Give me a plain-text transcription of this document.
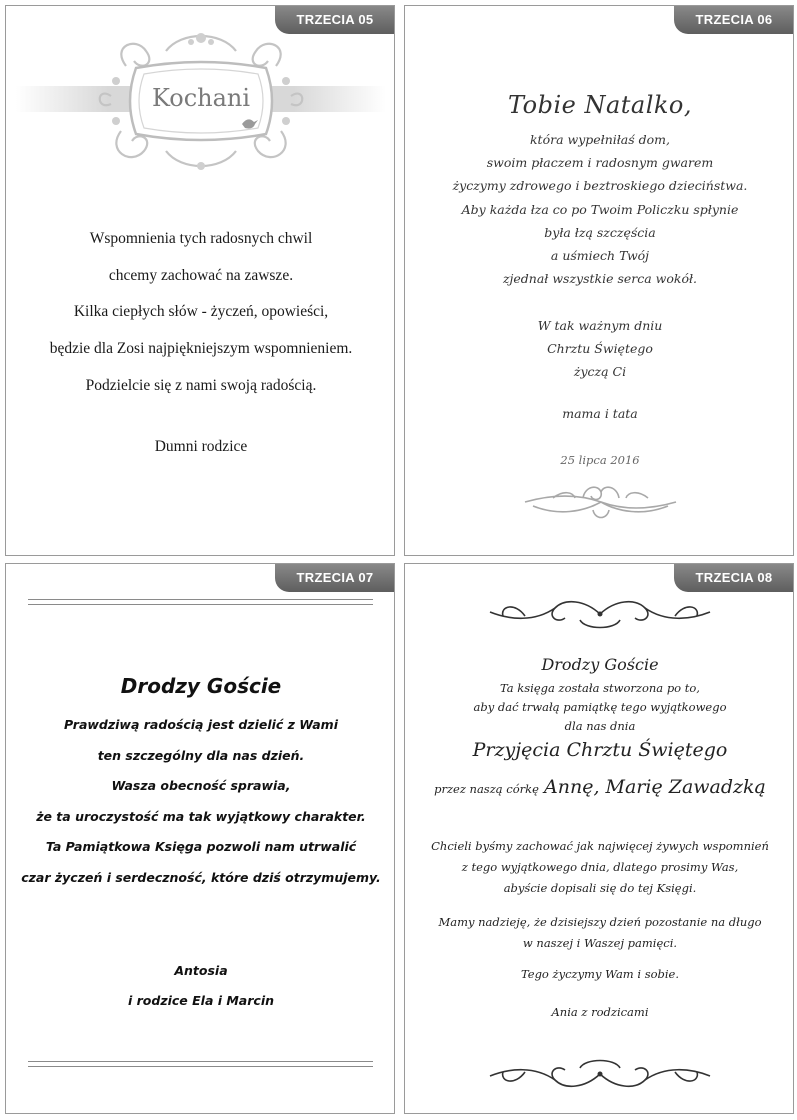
TRZECIA 05
Kochani
Wspomnienia tych radosnych chwil
chcemy zachować na zawsze.
Kilka ciepłych słów - życzeń, opowieści,
będzie dla Zosi najpiękniejszym wspomnieniem.
Podzielcie się z nami swoją radością.
Dumni rodzice
TRZECIA 06
Tobie Natalko,
która wypełniłaś dom,
swoim płaczem i radosnym gwarem
życzymy zdrowego i beztroskiego dzieciństwa.
Aby każda łza co po Twoim Policzku spłynie
była łzą szczęścia
a uśmiech Twój
zjednał wszystkie serca wokół.
W tak ważnym dniu
Chrztu Świętego
życzą Ci
mama i tata
25 lipca 2016
TRZECIA 07
Drodzy Goście
Prawdziwą radością jest dzielić z Wami
ten szczególny dla nas dzień.
Wasza obecność sprawia,
że ta uroczystość ma tak wyjątkowy charakter.
Ta Pamiątkowa Księga pozwoli nam utrwalić
czar życzeń i serdeczność, które dziś otrzymujemy.
Antosia
i rodzice Ela i Marcin
TRZECIA 08
Drodzy Goście
Ta księga została stworzona po to,
aby dać trwałą pamiątkę tego wyjątkowego
dla nas dnia
Przyjęcia Chrztu Świętego
przez naszą córkę Annę, Marię Zawadzką
Chcieli byśmy zachować jak najwięcej żywych wspomnień
z tego wyjątkowego dnia, dlatego prosimy Was,
abyście dopisali się do tej Księgi.
Mamy nadzieję, że dzisiejszy dzień pozostanie na długo
w naszej i Waszej pamięci.
Tego życzymy Wam i sobie.
Ania z rodzicami
